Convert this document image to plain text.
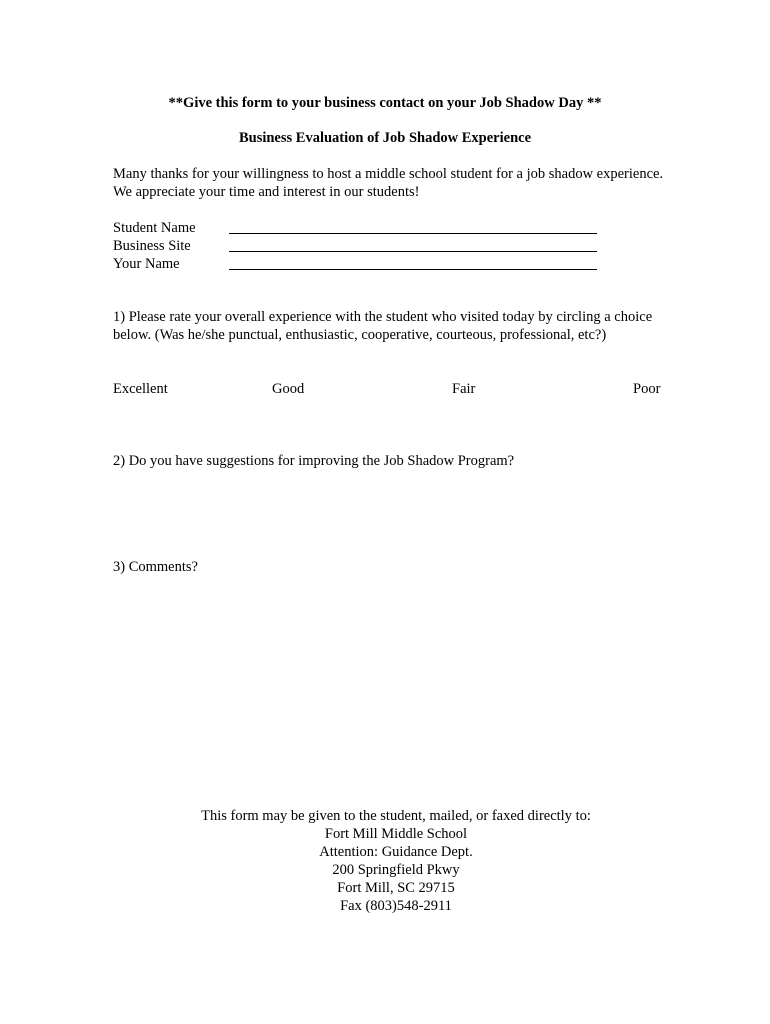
**Give this form to your business contact on your Job Shadow Day **
Business Evaluation of Job Shadow Experience
Many thanks for your willingness to host a middle school student for a job shadow experience.
We appreciate your time and interest in our students!
Student Name
Business Site
Your Name
1) Please rate your overall experience with the student who visited today by circling a choice
below. (Was he/she punctual, enthusiastic, cooperative, courteous, professional, etc?)
Excellent	Good	Fair	Poor
2) Do you have suggestions for improving the Job Shadow Program?
3) Comments?
This form may be given to the student, mailed, or faxed directly to:
Fort Mill Middle School
Attention: Guidance Dept.
200 Springfield Pkwy
Fort Mill, SC 29715
Fax (803)548-2911
